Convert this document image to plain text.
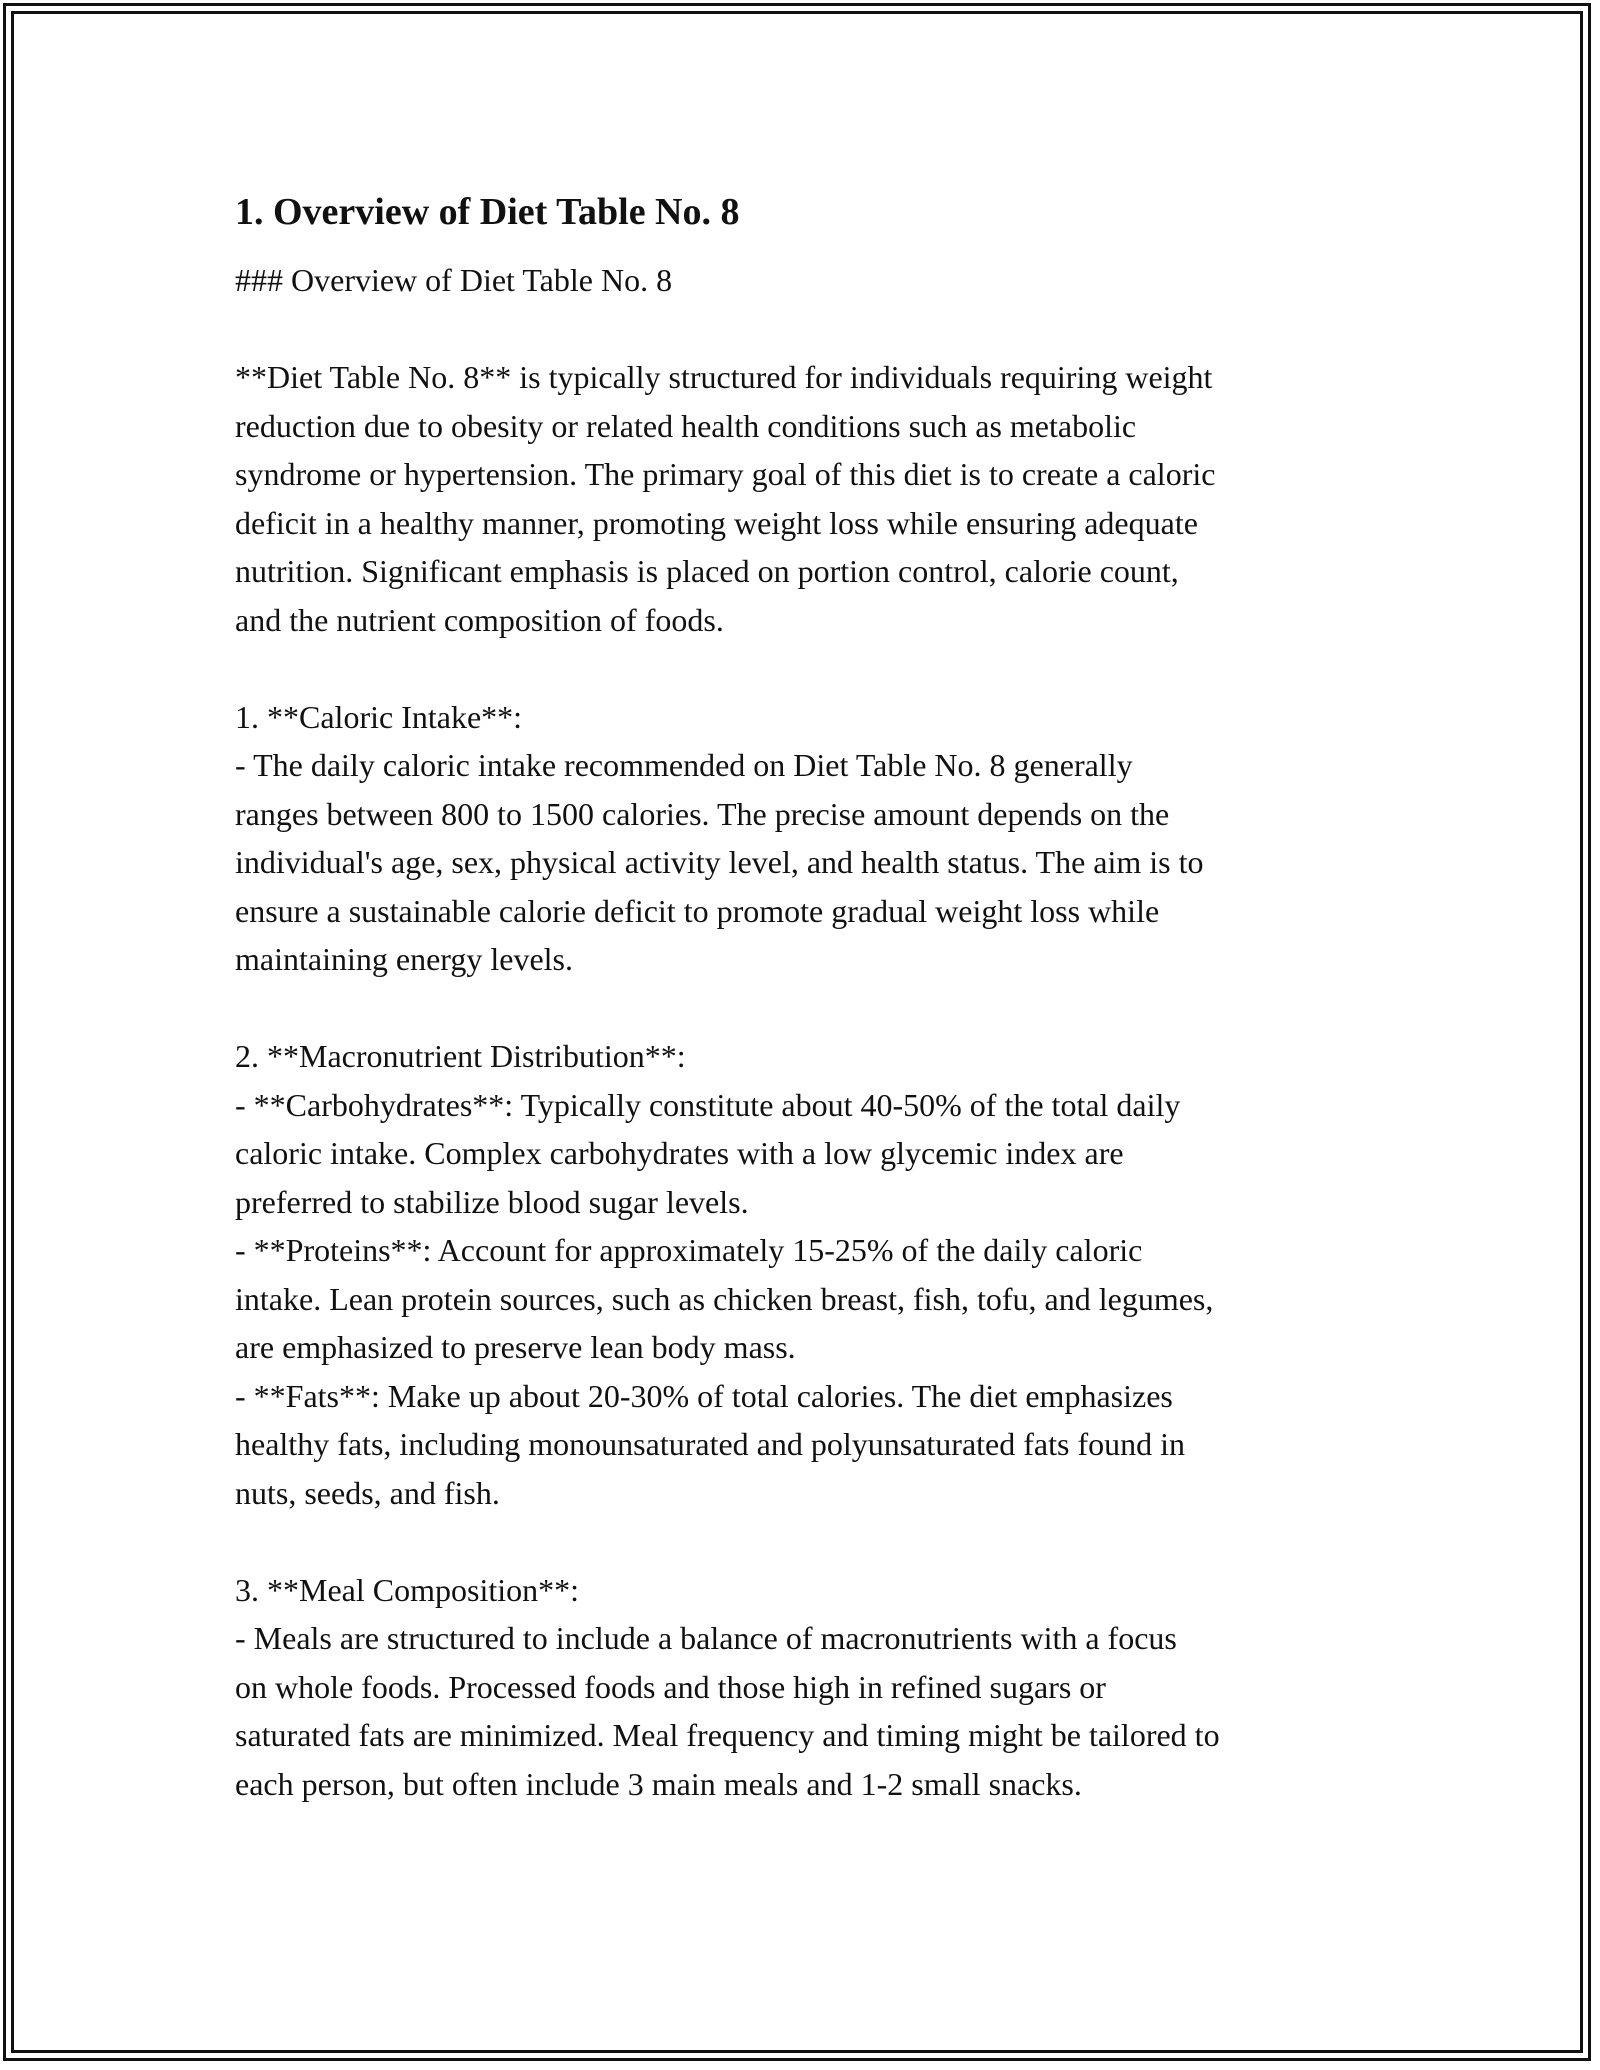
1. Overview of Diet Table No. 8

### Overview of Diet Table No. 8

**Diet Table No. 8** is typically structured for individuals requiring weight
reduction due to obesity or related health conditions such as metabolic
syndrome or hypertension. The primary goal of this diet is to create a caloric
deficit in a healthy manner, promoting weight loss while ensuring adequate
nutrition. Significant emphasis is placed on portion control, calorie count,
and the nutrient composition of foods.

1. **Caloric Intake**:

- The daily caloric intake recommended on Diet Table No. 8 generally
ranges between 800 to 1500 calories. The precise amount depends on the
individual's age, sex, physical activity level, and health status. The aim is to
ensure a sustainable calorie deficit to promote gradual weight loss while
maintaining energy levels.

2. **Macronutrient Distribution**:

- **Carbohydrates**: Typically constitute about 40-50% of the total daily
caloric intake. Complex carbohydrates with a low glycemic index are
preferred to stabilize blood sugar levels.

- **Proteins**: Account for approximately 15-25% of the daily caloric
intake. Lean protein sources, such as chicken breast, fish, tofu, and legumes,
are emphasized to preserve lean body mass.

- **Fats**: Make up about 20-30% of total calories. The diet emphasizes
healthy fats, including monounsaturated and polyunsaturated fats found in
nuts, seeds, and fish.

3. **Meal Composition**:

- Meals are structured to include a balance of macronutrients with a focus
on whole foods. Processed foods and those high in refined sugars or
saturated fats are minimized. Meal frequency and timing might be tailored to
each person, but often include 3 main meals and 1-2 small snacks.
